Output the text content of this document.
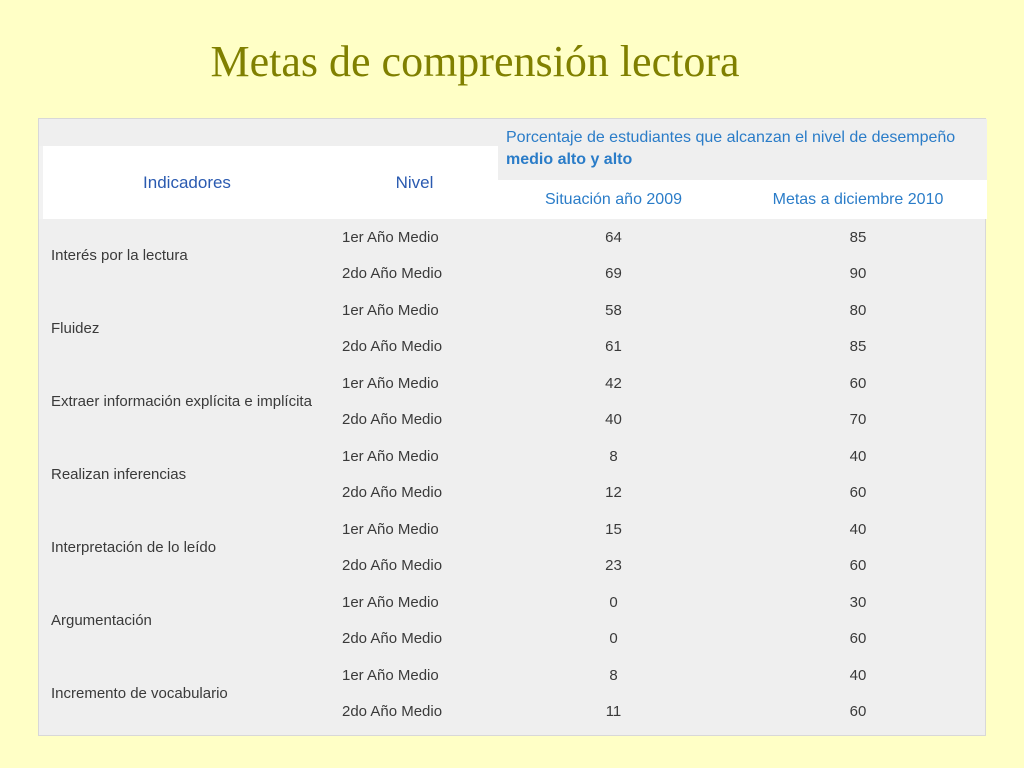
Metas de comprensión lectora
		Porcentaje de estudiantes que alcanzan el nivel de desempeño medio alto y alto	
Indicadores	Nivel		
		Situación año 2009	Metas a diciembre 2010
Interés por la lectura	1er Año Medio	64	85
	2do Año Medio	69	90
Fluidez	1er Año Medio	58	80
	2do Año Medio	61	85
Extraer información explícita e implícita	1er Año Medio	42	60
	2do Año Medio	40	70
Realizan inferencias	1er Año Medio	8	40
	2do Año Medio	12	60
Interpretación de lo leído	1er Año Medio	15	40
	2do Año Medio	23	60
Argumentación	1er Año Medio	0	30
	2do Año Medio	0	60
Incremento de vocabulario	1er Año Medio	8	40
	2do Año Medio	11	60
